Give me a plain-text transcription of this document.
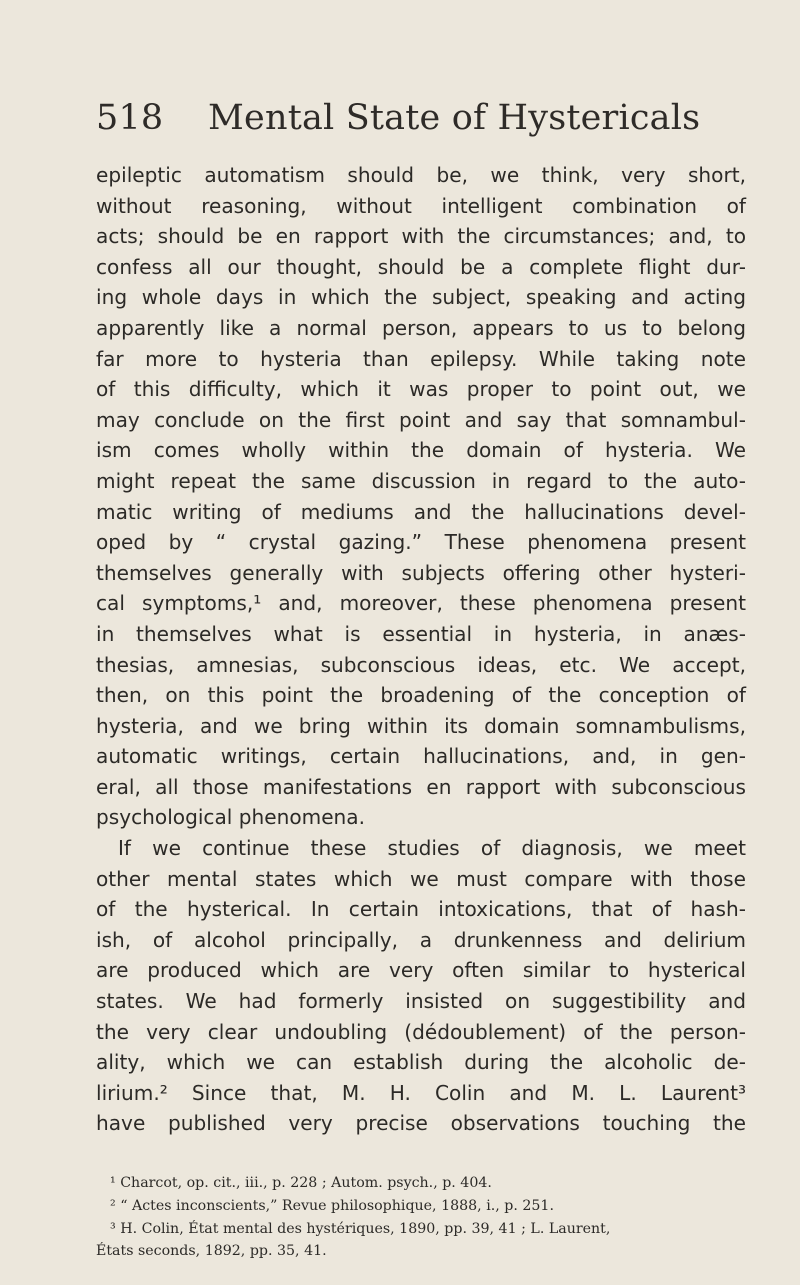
518 Mental State of Hystericals
epileptic automatism should be, we think, very short,
without reasoning, without intelligent combination of
acts; should be en rapport with the circumstances; and, to
confess all our thought, should be a complete flight dur-
ing whole days in which the subject, speaking and acting
apparently like a normal person, appears to us to belong
far more to hysteria than epilepsy. While taking note
of this difficulty, which it was proper to point out, we
may conclude on the first point and say that somnambul-
ism comes wholly within the domain of hysteria. We
might repeat the same discussion in regard to the auto-
matic writing of mediums and the hallucinations devel-
oped by “ crystal gazing.” These phenomena present
themselves generally with subjects offering other hysteri-
cal symptoms,¹ and, moreover, these phenomena present
in themselves what is essential in hysteria, in anæs-
thesias, amnesias, subconscious ideas, etc. We accept,
then, on this point the broadening of the conception of
hysteria, and we bring within its domain somnambulisms,
automatic writings, certain hallucinations, and, in gen-
eral, all those manifestations en rapport with subconscious
psychological phenomena.
If we continue these studies of diagnosis, we meet
other mental states which we must compare with those
of the hysterical. In certain intoxications, that of hash-
ish, of alcohol principally, a drunkenness and delirium
are produced which are very often similar to hysterical
states. We had formerly insisted on suggestibility and
the very clear undoubling (dédoublement) of the person-
ality, which we can establish during the alcoholic de-
lirium.² Since that, M. H. Colin and M. L. Laurent³
have published very precise observations touching the
¹ Charcot, op. cit., iii., p. 228 ; Autom. psych., p. 404.
² “ Actes inconscients,” Revue philosophique, 1888, i., p. 251.
³ H. Colin, État mental des hystériques, 1890, pp. 39, 41 ; L. Laurent,
États seconds, 1892, pp. 35, 41.
